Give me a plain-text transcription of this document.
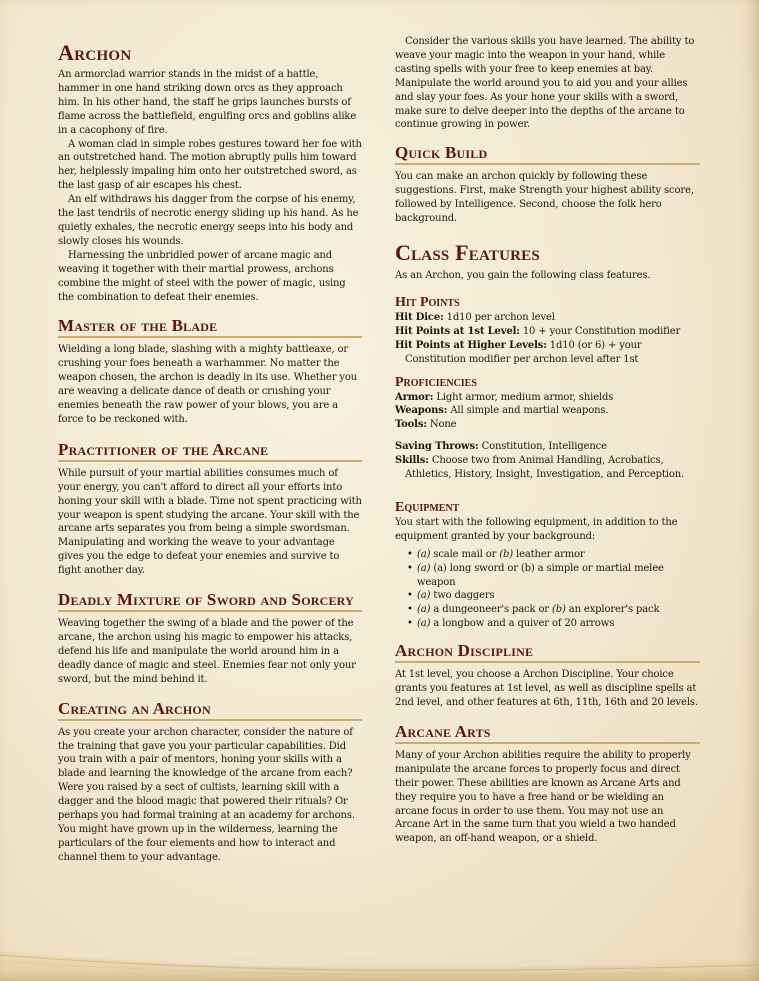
Archon

An armorclad warrior stands in the midst of a battle, hammer in one hand striking down orcs as they approach him. In his other hand, the staff he grips launches bursts of flame across the battlefield, engulfing orcs and goblins alike in a cacophony of fire.

A woman clad in simple robes gestures toward her foe with an outstretched hand. The motion abruptly pulls him toward her, helplessly impaling him onto her outstretched sword, as the last gasp of air escapes his chest.

An elf withdraws his dagger from the corpse of his enemy, the last tendrils of necrotic energy sliding up his hand. As he quietly exhales, the necrotic energy seeps into his body and slowly closes his wounds.

Harnessing the unbridled power of arcane magic and weaving it together with their martial prowess, archons combine the might of steel with the power of magic, using the combination to defeat their enemies.

Master of the Blade

Wielding a long blade, slashing with a mighty battleaxe, or crushing your foes beneath a warhammer. No matter the weapon chosen, the archon is deadly in its use. Whether you are weaving a delicate dance of death or crushing your enemies beneath the raw power of your blows, you are a force to be reckoned with.

Practitioner of the Arcane

While pursuit of your martial abilities consumes much of your energy, you can't afford to direct all your efforts into honing your skill with a blade. Time not spent practicing with your weapon is spent studying the arcane. Your skill with the arcane arts separates you from being a simple swordsman. Manipulating and working the weave to your advantage gives you the edge to defeat your enemies and survive to fight another day.

Deadly Mixture of Sword and Sorcery

Weaving together the swing of a blade and the power of the arcane, the archon using his magic to empower his attacks, defend his life and manipulate the world around him in a deadly dance of magic and steel. Enemies fear not only your sword, but the mind behind it.

Creating an Archon

As you create your archon character, consider the nature of the training that gave you your particular capabilities. Did you train with a pair of mentors, honing your skills with a blade and learning the knowledge of the arcane from each? Were you raised by a sect of cultists, learning skill with a dagger and the blood magic that powered their rituals? Or perhaps you had formal training at an academy for archons. You might have grown up in the wilderness, learning the particulars of the four elements and how to interact and channel them to your advantage.

Consider the various skills you have learned. The ability to weave your magic into the weapon in your hand, while casting spells with your free to keep enemies at bay. Manipulate the world around you to aid you and your allies and slay your foes. As your hone your skills with a sword, make sure to delve deeper into the depths of the arcane to continue growing in power.

Quick Build

You can make an archon quickly by following these suggestions. First, make Strength your highest ability score, followed by Intelligence. Second, choose the folk hero background.

Class Features

As an Archon, you gain the following class features.

Hit Points
Hit Dice: 1d10 per archon level
Hit Points at 1st Level: 10 + your Constitution modifier
Hit Points at Higher Levels: 1d10 (or 6) + your Constitution modifier per archon level after 1st
Proficiencies
Armor: Light armor, medium armor, shields
Weapons: All simple and martial weapons.
Tools: None
Saving Throws: Constitution, Intelligence
Skills: Choose two from Animal Handling, Acrobatics, Athletics, History, Insight, Investigation, and Perception.
Equipment

You start with the following equipment, in addition to the equipment granted by your background:

• (a) scale mail or (b) leather armor
• (a) (a) long sword or (b) a simple or martial melee weapon
• (a) two daggers
• (a) a dungeoneer's pack or (b) an explorer's pack
• (a) a longbow and a quiver of 20 arrows
Archon Discipline

At 1st level, you choose a Archon Discipline. Your choice grants you features at 1st level, as well as discipline spells at 2nd level, and other features at 6th, 11th, 16th and 20 levels.

Arcane Arts

Many of your Archon abilities require the ability to properly manipulate the arcane forces to properly focus and direct their power. These abilities are known as Arcane Arts and they require you to have a free hand or be wielding an arcane focus in order to use them. You may not use an Arcane Art in the same turn that you wield a two handed weapon, an off-hand weapon, or a shield.
